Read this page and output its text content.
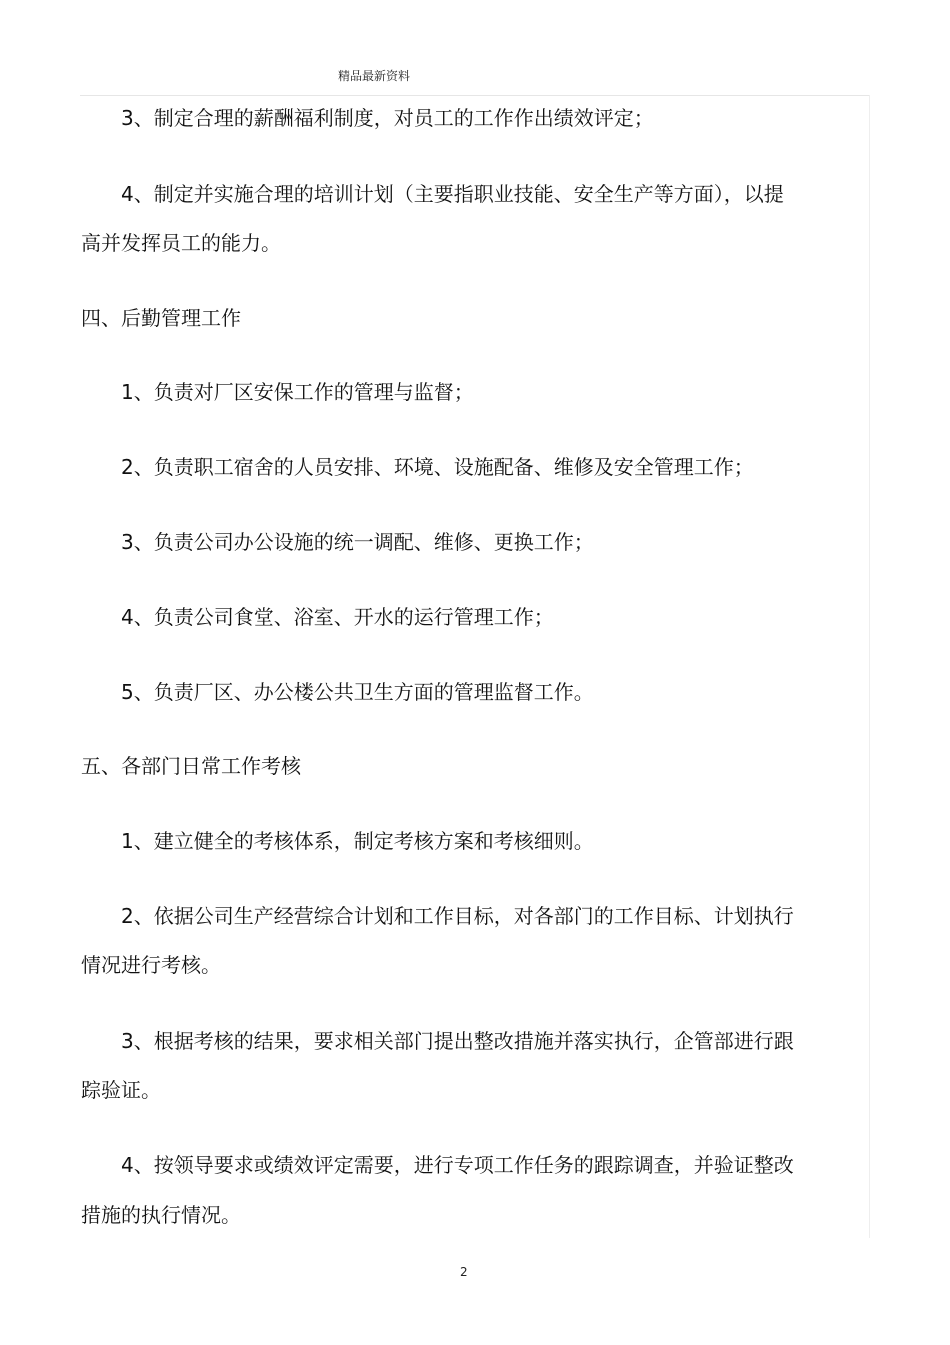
精品最新资料
3、制定合理的薪酬福利制度，对员工的工作作出绩效评定；
4、制定并实施合理的培训计划（主要指职业技能、安全生产等方面），以提
高并发挥员工的能力。
四、后勤管理工作
1、负责对厂区安保工作的管理与监督；
2、负责职工宿舍的人员安排、环境、设施配备、维修及安全管理工作；
3、负责公司办公设施的统一调配、维修、更换工作；
4、负责公司食堂、浴室、开水的运行管理工作；
5、负责厂区、办公楼公共卫生方面的管理监督工作。
五、各部门日常工作考核
1、建立健全的考核体系，制定考核方案和考核细则。
2、依据公司生产经营综合计划和工作目标，对各部门的工作目标、计划执行
情况进行考核。
3、根据考核的结果，要求相关部门提出整改措施并落实执行，企管部进行跟
踪验证。
4、按领导要求或绩效评定需要，进行专项工作任务的跟踪调查，并验证整改
措施的执行情况。
2
